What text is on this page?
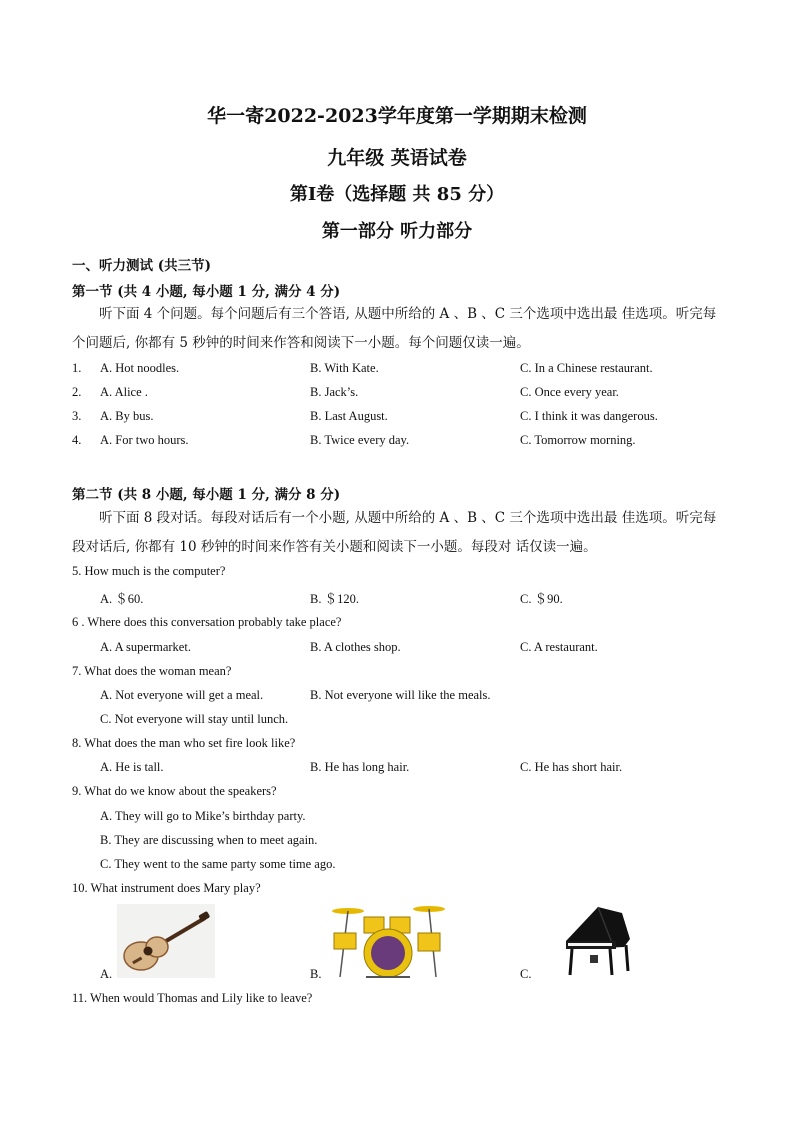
华一寄2022-2023学年度第一学期期末检测
九年级 英语试卷
第I卷（选择题 共 85 分）
第一部分 听力部分
一、听力测试 (共三节)
第一节 (共 4 小题, 每小题 1 分, 满分 4 分)
听下面 4 个问题。每个问题后有三个答语, 从题中所给的 A 、B 、C 三个选项中选出最 佳选项。听完每个问题后, 你都有 5 秒钟的时间来作答和阅读下一小题。每个问题仅读一遍。
1. A. Hot noodles.	B. With Kate.	C. In a Chinese restaurant.
2. A. Alice .	B. Jack’s.	C. Once every year.
3. A. By bus.	B. Last August.	C. I think it was dangerous.
4. A. For two hours.	B. Twice every day.	C. Tomorrow morning.
第二节 (共 8 小题, 每小题 1 分, 满分 8 分)
听下面 8 段对话。每段对话后有一个小题, 从题中所给的 A 、B 、C 三个选项中选出最 佳选项。听完每段对话后, 你都有 10 秒钟的时间来作答有关小题和阅读下一小题。每段对 话仅读一遍。
5. How much is the computer?
A. ＄60.	B. ＄120.	C. ＄90.
6 . Where does this conversation probably take place?
A. A supermarket.	B. A clothes shop.	C. A restaurant.
7. What does the woman mean?
A. Not everyone will get a meal.	B. Not everyone will like the meals.
C. Not everyone will stay until lunch.
8. What does the man who set fire look like?
A. He is tall.	B. He has long hair.	C. He has short hair.
9. What do we know about the speakers?
A. They will go to Mike’s birthday party.
B. They are discussing when to meet again.
C. They went to the same party some time ago.
10. What instrument does Mary play?
A.	B.	C.
11. When would Thomas and Lily like to leave?
